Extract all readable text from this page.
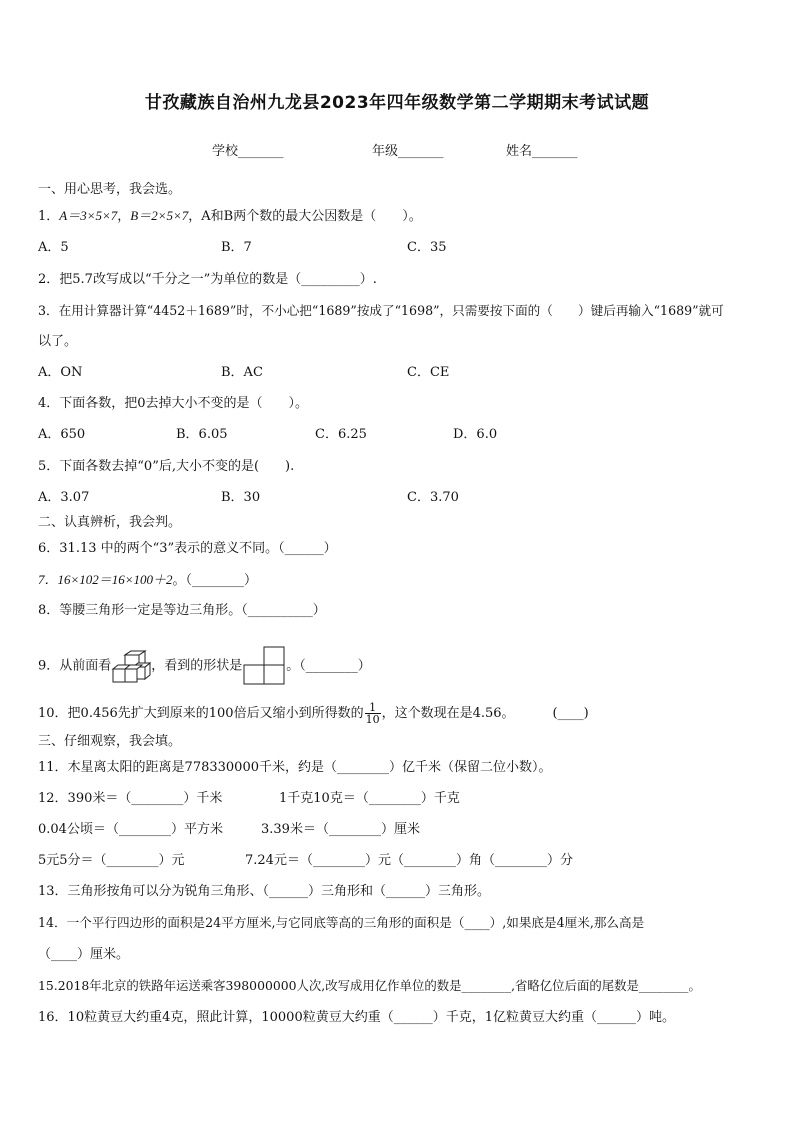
甘孜藏族自治州九龙县2023年四年级数学第二学期期末考试试题
学校_______	年级_______	姓名_______
一、用心思考，我会选。
1．A＝3×5×7，B＝2×5×7，A和B两个数的最大公因数是（　　）。
A．5	B．7	C．35
2．把5.7改写成以“千分之一”为单位的数是（_________）.
3．在用计算器计算“4452＋1689”时，不小心把“1689”按成了“1698”，只需要按下面的（　　）键后再输入“1689”就可
以了。
A．ON	B．AC	C．CE
4．下面各数，把0去掉大小不变的是（　　）。
A．650	B．6.05	C．6.25	D．6.0
5．下面各数去掉“0”后,大小不变的是(　　).
A．3.07	B．30	C．3.70
二、认真辨析，我会判。
6．31.13 中的两个“3”表示的意义不同。（______）
7．16×102＝16×100＋2。（________）
8．等腰三角形一定是等边三角形。（__________）
9．从前面看	，看到的形状是	。（________）
10．把0.456先扩大到原来的100倍后又缩小到所得数的 $\frac{1}{10}$ ，这个数现在是4.56。	(____)
三、仔细观察，我会填。
11．木星离太阳的距离是778330000千米，约是（________）亿千米（保留二位小数）。
12．390米＝（________）千米	1千克10克＝（________）千克
0.04公顷＝（________）平方米	3.39米＝（________）厘米
5元5分＝（________）元	7.24元＝（________）元（________）角（________）分
13．三角形按角可以分为锐角三角形、（______）三角形和（______）三角形。
14．一个平行四边形的面积是24平方厘米,与它同底等高的三角形的面积是（____）,如果底是4厘米,那么高是
（____）厘米。
15.2018年北京的铁路年运送乘客398000000人次,改写成用亿作单位的数是________,省略亿位后面的尾数是________。
16．10粒黄豆大约重4克，照此计算，10000粒黄豆大约重（______）千克，1亿粒黄豆大约重（______）吨。
